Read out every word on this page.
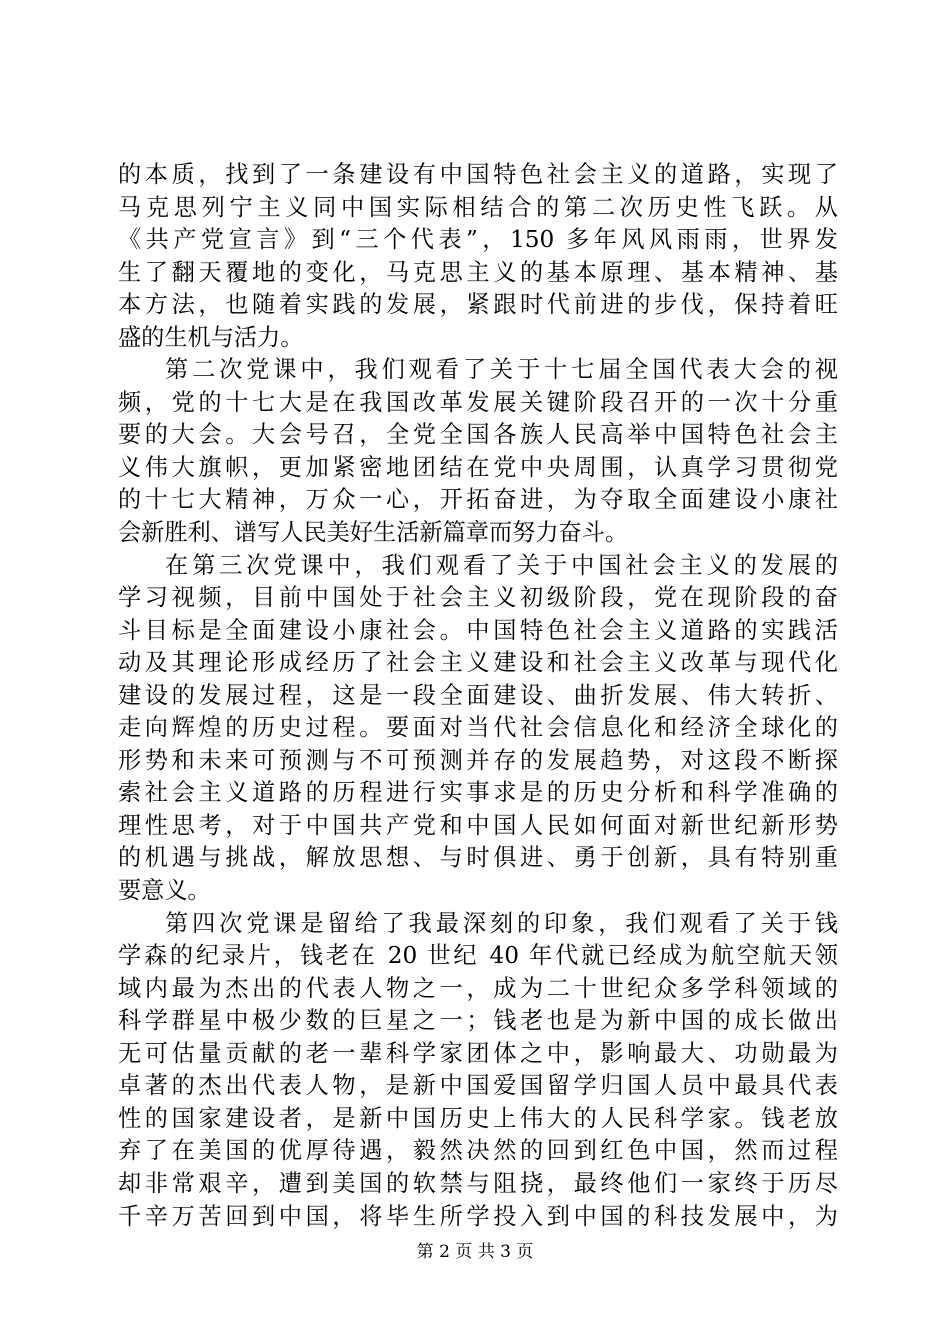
的本质，找到了一条建设有中国特色社会主义的道路，实现了
马克思列宁主义同中国实际相结合的第二次历史性飞跃。从
《共产党宣言》到“三个代表”，150 多年风风雨雨，世界发
生了翻天覆地的变化，马克思主义的基本原理、基本精神、基
本方法，也随着实践的发展，紧跟时代前进的步伐，保持着旺
盛的生机与活力。
第二次党课中，我们观看了关于十七届全国代表大会的视
频，党的十七大是在我国改革发展关键阶段召开的一次十分重
要的大会。大会号召，全党全国各族人民高举中国特色社会主
义伟大旗帜，更加紧密地团结在党中央周围，认真学习贯彻党
的十七大精神，万众一心，开拓奋进，为夺取全面建设小康社
会新胜利、谱写人民美好生活新篇章而努力奋斗。
在第三次党课中，我们观看了关于中国社会主义的发展的
学习视频，目前中国处于社会主义初级阶段，党在现阶段的奋
斗目标是全面建设小康社会。中国特色社会主义道路的实践活
动及其理论形成经历了社会主义建设和社会主义改革与现代化
建设的发展过程，这是一段全面建设、曲折发展、伟大转折、
走向辉煌的历史过程。要面对当代社会信息化和经济全球化的
形势和未来可预测与不可预测并存的发展趋势，对这段不断探
索社会主义道路的历程进行实事求是的历史分析和科学准确的
理性思考，对于中国共产党和中国人民如何面对新世纪新形势
的机遇与挑战，解放思想、与时俱进、勇于创新，具有特别重
要意义。
第四次党课是留给了我最深刻的印象，我们观看了关于钱
学森的纪录片，钱老在 20 世纪 40 年代就已经成为航空航天领
域内最为杰出的代表人物之一，成为二十世纪众多学科领域的
科学群星中极少数的巨星之一；钱老也是为新中国的成长做出
无可估量贡献的老一辈科学家团体之中，影响最大、功勋最为
卓著的杰出代表人物，是新中国爱国留学归国人员中最具代表
性的国家建设者，是新中国历史上伟大的人民科学家。钱老放
弃了在美国的优厚待遇，毅然决然的回到红色中国，然而过程
却非常艰辛，遭到美国的软禁与阻挠，最终他们一家终于历尽
千辛万苦回到中国，将毕生所学投入到中国的科技发展中，为
第 2 页 共 3 页
